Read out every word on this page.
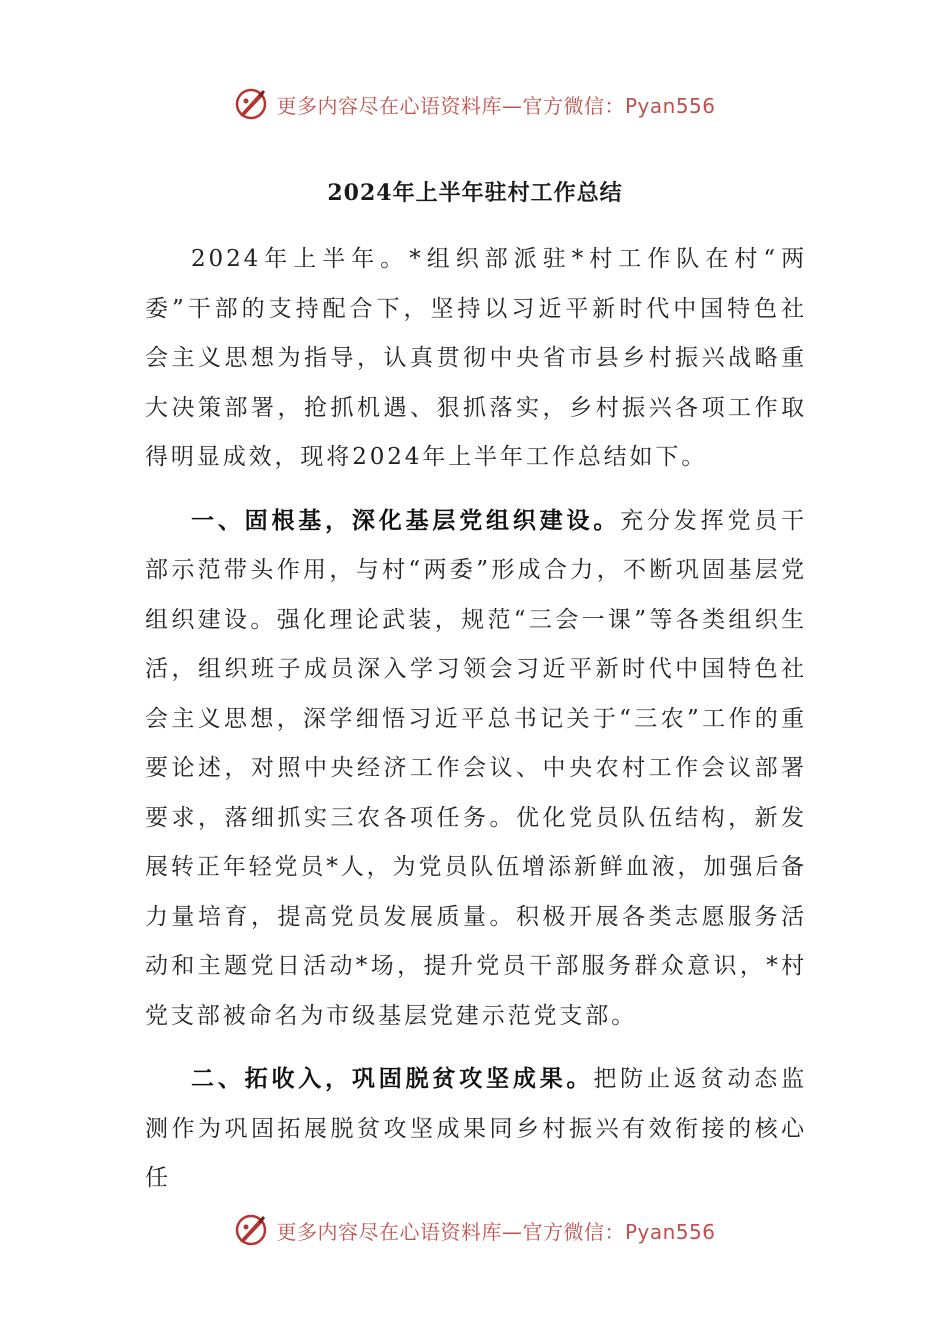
更多内容尽在心语资料库—官方微信：Pyan556
2024年上半年驻村工作总结

2024年上半年。*组织部派驻*村工作队在村“两委”干部的支持配合下，坚持以习近平新时代中国特色社会主义思想为指导，认真贯彻中央省市县乡村振兴战略重大决策部署，抢抓机遇、狠抓落实，乡村振兴各项工作取得明显成效，现将2024年上半年工作总结如下。

一、固根基，深化基层党组织建设。充分发挥党员干部示范带头作用，与村“两委”形成合力，不断巩固基层党组织建设。强化理论武装，规范“三会一课”等各类组织生活，组织班子成员深入学习领会习近平新时代中国特色社会主义思想，深学细悟习近平总书记关于“三农”工作的重要论述，对照中央经济工作会议、中央农村工作会议部署要求，落细抓实三农各项任务。优化党员队伍结构，新发展转正年轻党员*人，为党员队伍增添新鲜血液，加强后备力量培育，提高党员发展质量。积极开展各类志愿服务活动和主题党日活动*场，提升党员干部服务群众意识，*村党支部被命名为市级基层党建示范党支部。

二、拓收入，巩固脱贫攻坚成果。把防止返贫动态监测作为巩固拓展脱贫攻坚成果同乡村振兴有效衔接的核心任

更多内容尽在心语资料库—官方微信：Pyan556
